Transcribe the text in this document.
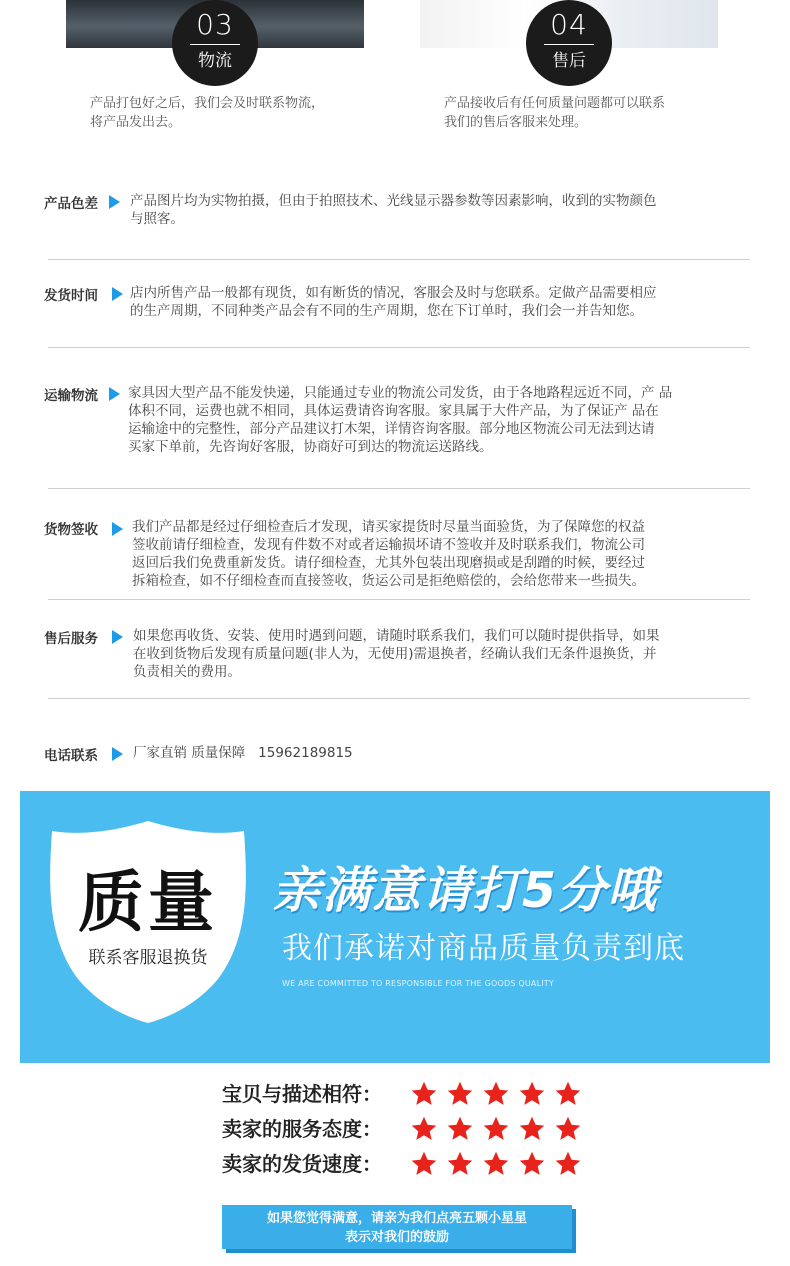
03
物流
产品打包好之后，我们会及时联系物流，
将产品发出去。
04
售后
产品接收后有任何质量问题都可以联系
我们的售后客服来处理。
产品色差 产品图片均为实物拍摄，但由于拍照技术、光线显示器参数等因素影响，收到的实物颜色
与照客。
发货时间 店内所售产品一般都有现货，如有断货的情况，客服会及时与您联系。定做产品需要相应
的生产周期，不同种类产品会有不同的生产周期，您在下订单时，我们会一并告知您。
运输物流 家具因大型产品不能发快递，只能通过专业的物流公司发货，由于各地路程远近不同，产 品
体积不同，运费也就不相同，具体运费请咨询客服。家具属于大件产品，为了保证产 品在
运输途中的完整性，部分产品建议打木架，详情咨询客服。部分地区物流公司无法到达请
买家下单前，先咨询好客服，协商好可到达的物流运送路线。
货物签收	我们产品都是经过仔细检查后才发现，请买家提货时尽量当面验货，为了保障您的权益
签收前请仔细检查，发现有件数不对或者运输损坏请不签收并及时联系我们，物流公司
返回后我们免费重新发货。请仔细检查，尤其外包装出现磨损或是刮蹭的时候，要经过
拆箱检查，如不仔细检查而直接签收，货运公司是拒绝赔偿的，会给您带来一些损失。
售后服务	如果您再收货、安装、使用时遇到问题，请随时联系我们，我们可以随时提供指导，如果
在收到货物后发现有质量问题(非人为，无使用)需退换者，经确认我们无条件退换货，并
负责相关的费用。
电话联系	厂家直销 质量保障   15962189815
质量
联系客服退换货
亲满意请打5分哦
我们承诺对商品质量负责到底
WE ARE COMMITTED TO RESPONSIBLE FOR THE GOODS QUALITY
宝贝与描述相符：
卖家的服务态度：
卖家的发货速度：
如果您觉得满意，请亲为我们点亮五颗小星星
表示对我们的鼓励
